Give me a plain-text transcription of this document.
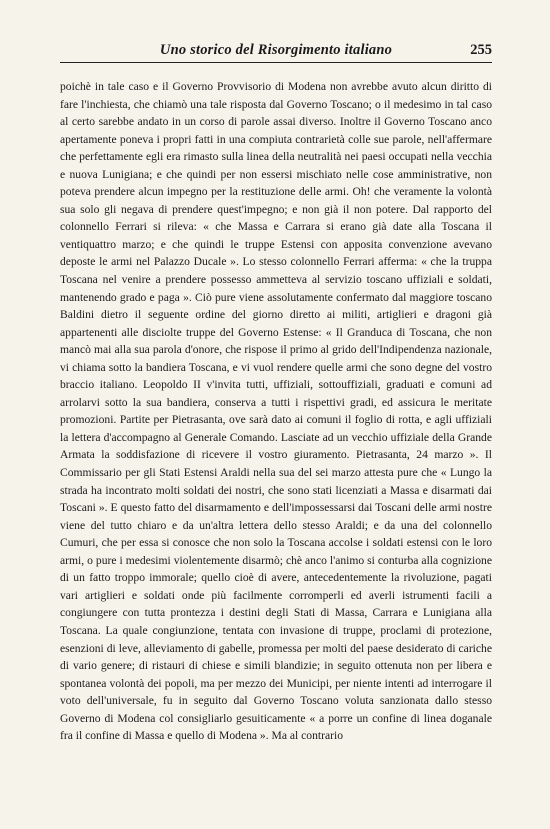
Uno storico del Risorgimento italiano	255

poichè in tale caso e il Governo Provvisorio di Modena non avrebbe avuto alcun diritto di fare l'inchiesta, che chiamò una tale risposta dal Governo Toscano; o il medesimo in tal caso al certo sarebbe andato in un corso di parole assai diverso. Inoltre il Governo Toscano anco apertamente poneva i propri fatti in una compiuta contrarietà colle sue parole, nell'affermare che perfettamente egli era rimasto sulla linea della neutralità nei paesi occupati nella vecchia e nuova Lunigiana; e che quindi per non essersi mischiato nelle cose amministrative, non poteva prendere alcun impegno per la restituzione delle armi. Oh! che veramente la volontà sua solo gli negava di prendere quest'impegno; e non già il non potere. Dal rapporto del colonnello Ferrari si rileva: « che Massa e Carrara si erano già date alla Toscana il ventiquattro marzo; e che quindi le truppe Estensi con apposita convenzione avevano deposte le armi nel Palazzo Ducale ». Lo stesso colonnello Ferrari afferma: « che la truppa Toscana nel venire a prendere possesso ammetteva al servizio toscano uffiziali e soldati, mantenendo grado e paga ». Ciò pure viene assolutamente confermato dal maggiore toscano Baldini dietro il seguente ordine del giorno diretto ai militi, artiglieri e dragoni già appartenenti alle disciolte truppe del Governo Estense: « Il Granduca di Toscana, che non mancò mai alla sua parola d'onore, che rispose il primo al grido dell'Indipendenza nazionale, vi chiama sotto la bandiera Toscana, e vi vuol rendere quelle armi che sono degne del vostro braccio italiano. Leopoldo II v'invita tutti, uffiziali, sottouffiziali, graduati e comuni ad arrolarvi sotto la sua bandiera, conserva a tutti i rispettivi gradi, ed assicura le meritate promozioni. Partite per Pietrasanta, ove sarà dato ai comuni il foglio di rotta, e agli uffiziali la lettera d'accompagno al Generale Comando. Lasciate ad un vecchio uffiziale della Grande Armata la soddisfazione di ricevere il vostro giuramento. Pietrasanta, 24 marzo ». Il Commissario per gli Stati Estensi Araldi nella sua del sei marzo attesta pure che « Lungo la strada ha incontrato molti soldati dei nostri, che sono stati licenziati a Massa e disarmati dai Toscani ». E questo fatto del disarmamento e dell'impossessarsi dai Toscani delle armi nostre viene del tutto chiaro e da un'altra lettera dello stesso Araldi; e da una del colonnello Cumuri, che per essa si conosce che non solo la Toscana accolse i soldati estensi con le loro armi, o pure i medesimi violentemente disarmò; chè anco l'animo si conturba alla cognizione di un fatto troppo immorale; quello cioè di avere, antecedentemente la rivoluzione, pagati vari artiglieri e soldati onde più facilmente corromperli ed averli istrumenti facili a congiungere con tutta prontezza i destini degli Stati di Massa, Carrara e Lunigiana alla Toscana. La quale congiunzione, tentata con invasione di truppe, proclami di protezione, esenzioni di leve, alleviamento di gabelle, promessa per molti del paese desiderato di cariche di vario genere; di ristauri di chiese e simili blandizie; in seguito ottenuta non per libera e spontanea volontà dei popoli, ma per mezzo dei Municipi, per niente intenti ad interrogare il voto dell'universale, fu in seguito dal Governo Toscano voluta sanzionata dallo stesso Governo di Modena col consigliarlo gesuiticamente « a porre un confine di linea doganale fra il confine di Massa e quello di Modena ». Ma al contrario
